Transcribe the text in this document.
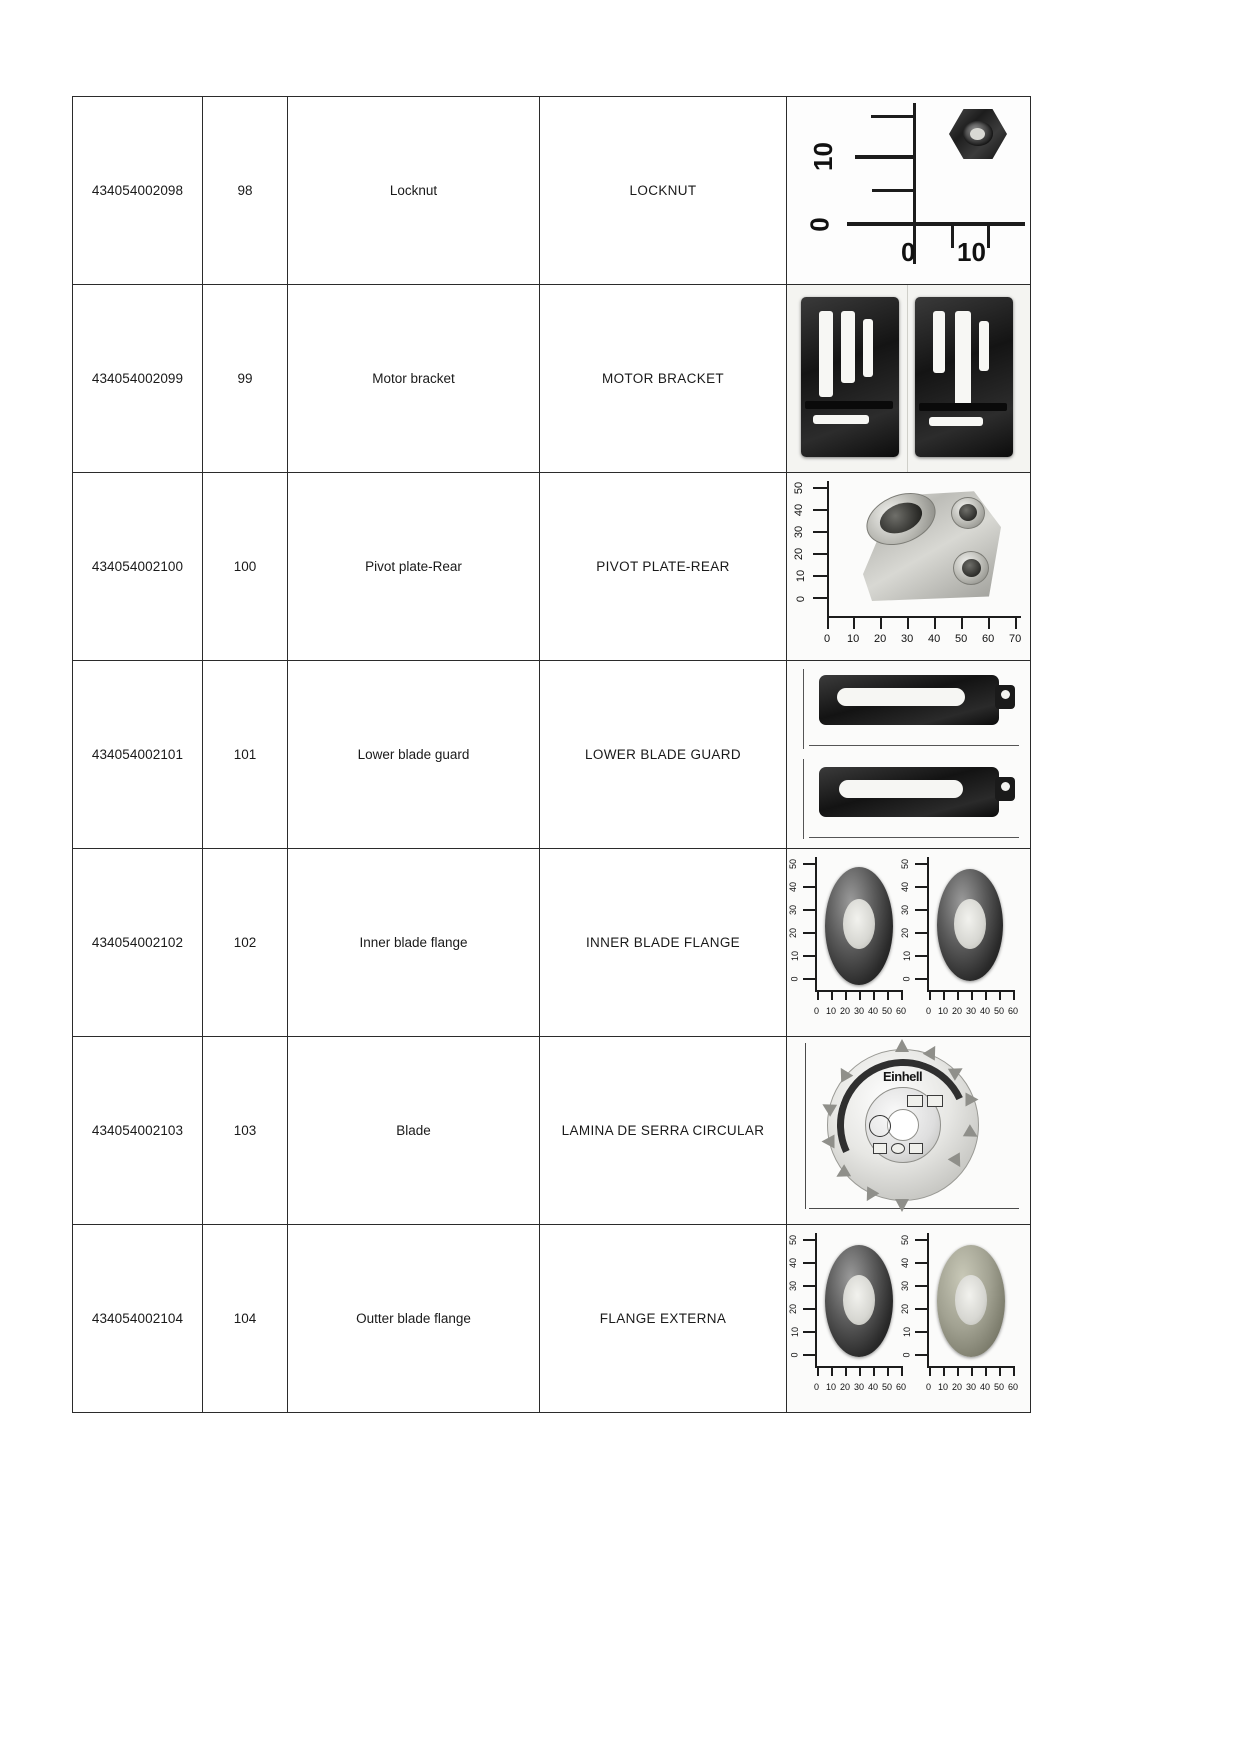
434054002098	98	Locknut	LOCKNUT	10
0
0 10

434054002099	99	Motor bracket	MOTOR BRACKET	

434054002100	100	Pivot plate-Rear	PIVOT PLATE-REAR	
50
40
30
20
10
0
0 10 20 30 40 50 60 70

434054002101	101	Lower blade guard	LOWER BLADE GUARD	

434054002102	102	Inner blade flange	INNER BLADE FLANGE	
50
40
30
20
10
0
0 10 20 30 40 50 60
50
40
30
20
10
0
0 10 20 30 40 50 60

434054002103	103	Blade	LAMINA DE SERRA CIRCULAR	Einhell

434054002104	104	Outter blade flange	FLANGE EXTERNA	
50
40
30
20
10
0
0 10 20 30 40 50 60
50
40
30
20
10
0
0 10 20 30 40 50 60
